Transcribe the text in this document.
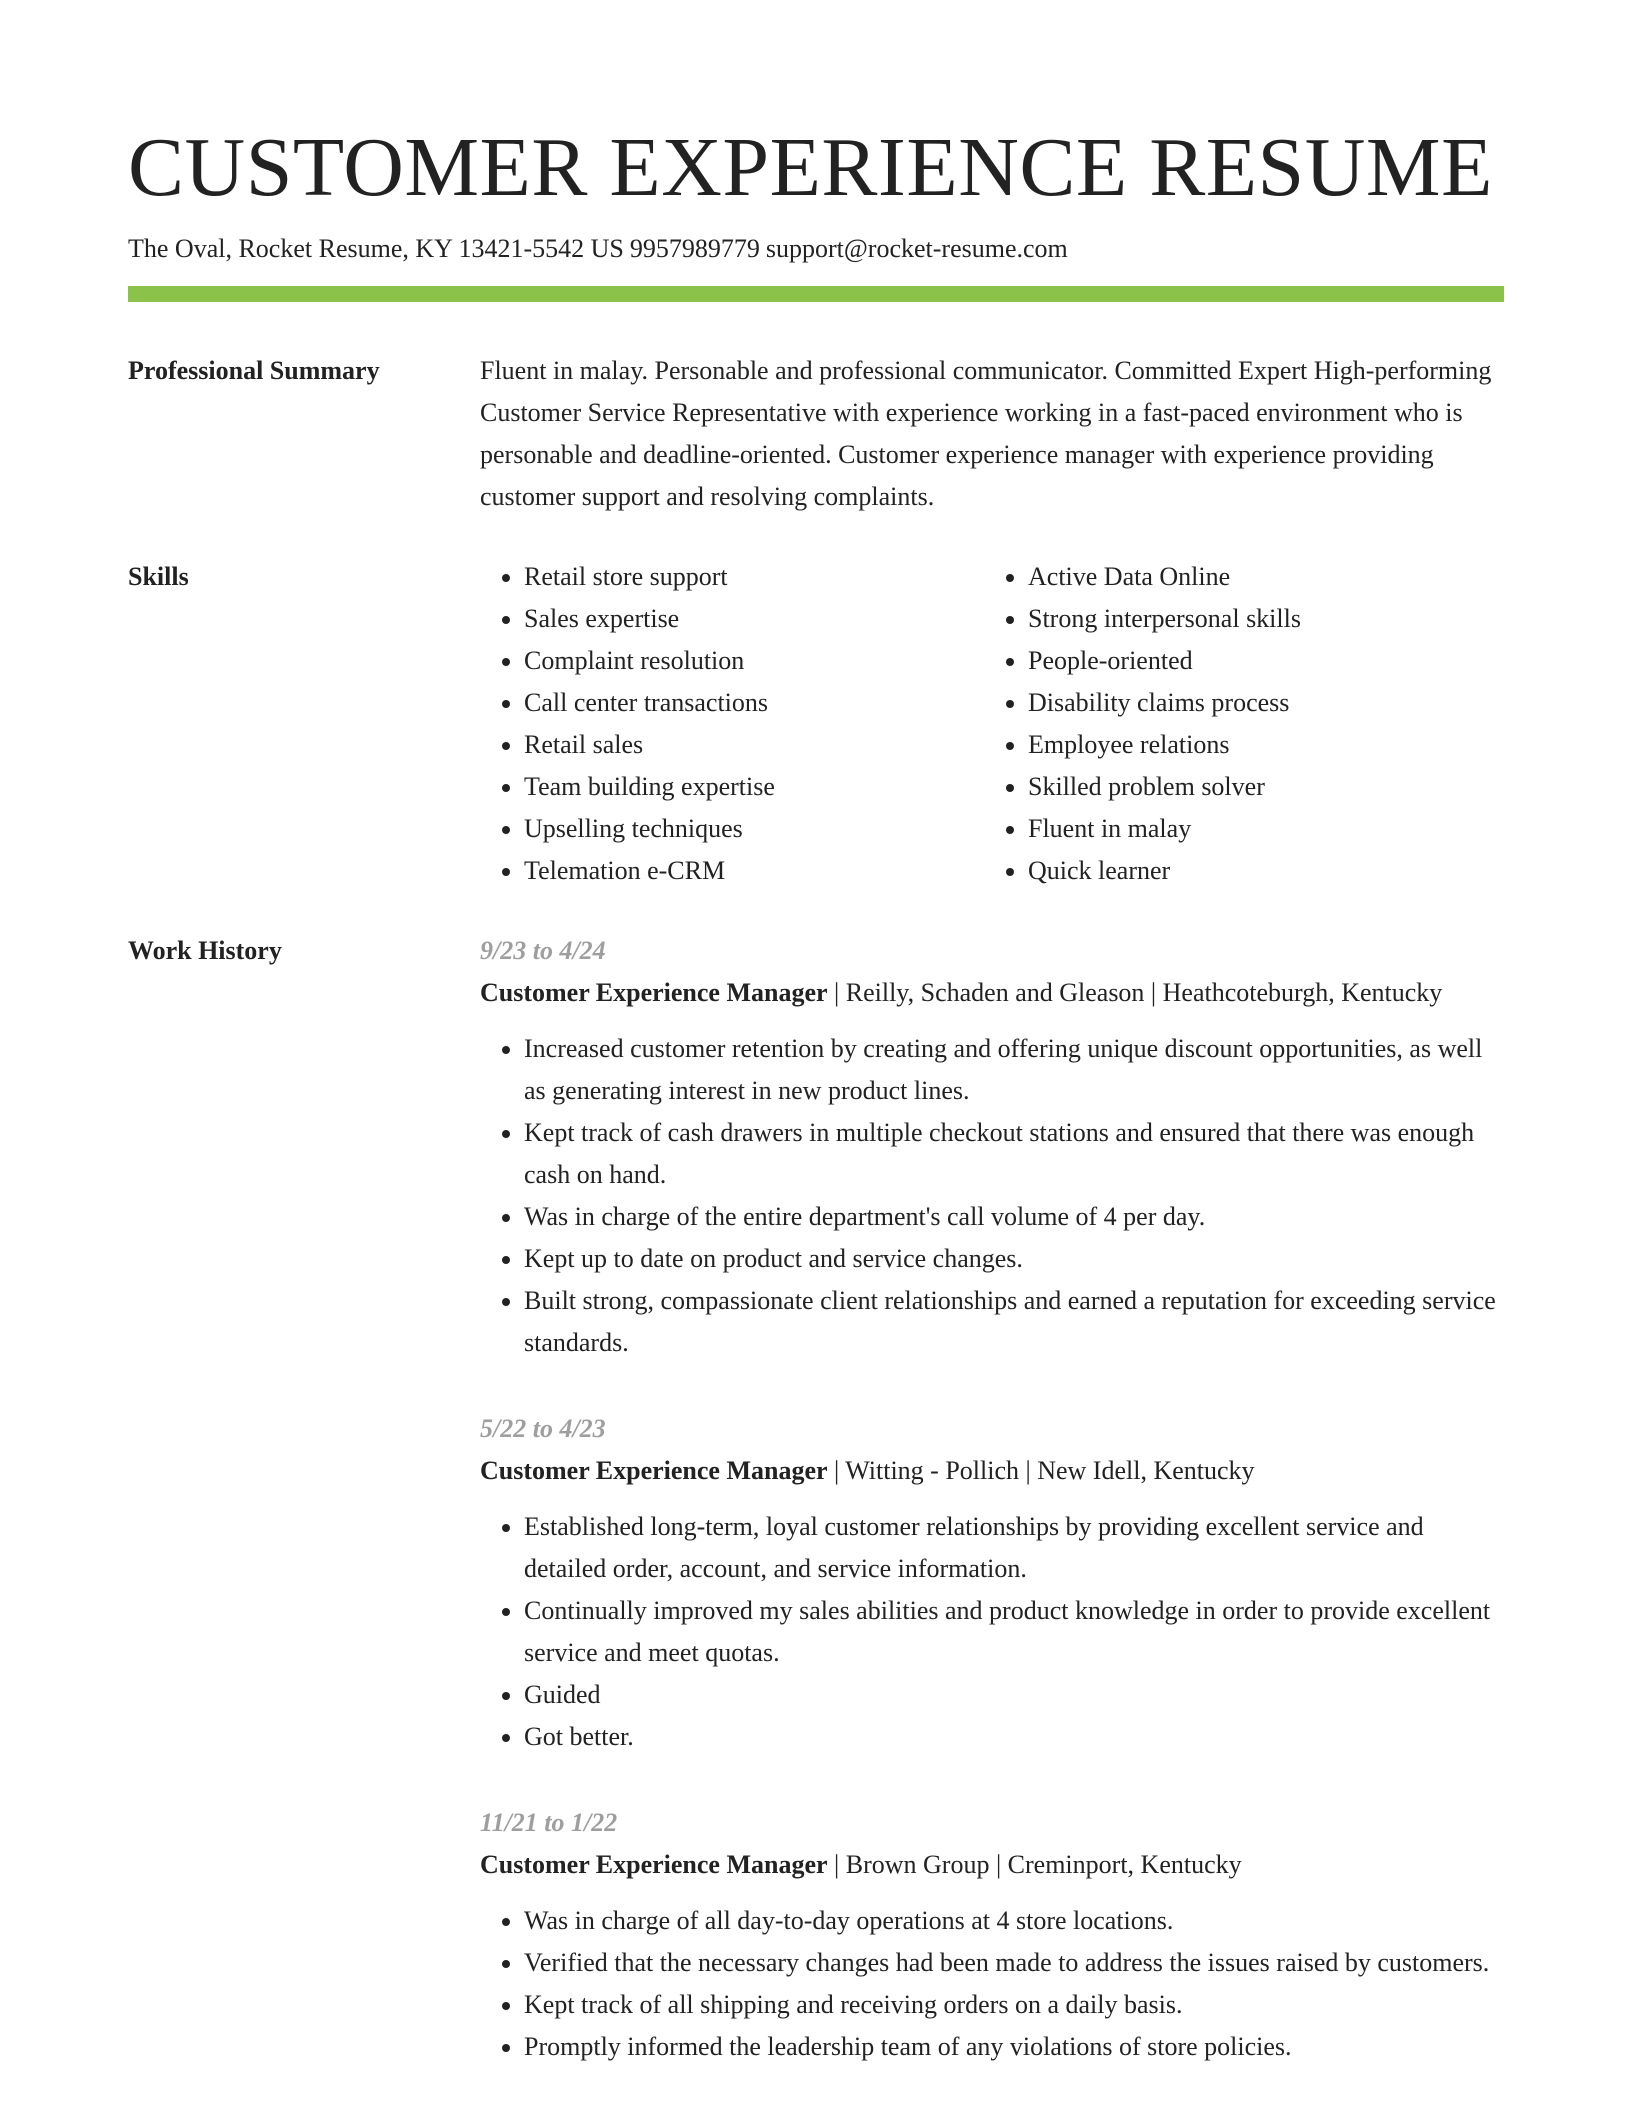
CUSTOMER EXPERIENCE RESUME
The Oval, Rocket Resume, KY 13421-5542 US 9957989779 support@rocket-resume.com
Professional Summary	Fluent in malay. Personable and professional communicator. Committed Expert High-performing Customer Service Representative with experience working in a fast-paced environment who is personable and deadline-oriented. Customer experience manager with experience providing customer support and resolving complaints.

Skills
•	Retail store support
• Sales expertise
• Complaint resolution
• Call center transactions
• Retail sales
• Team building expertise
• Upselling techniques
• Telemation e-CRM
• Active Data Online
• Strong interpersonal skills
• People-oriented
• Disability claims process
• Employee relations
• Skilled problem solver
• Fluent in malay
• Quick learner
Work History	9/23 to 4/24
Customer Experience Manager | Reilly, Schaden and Gleason | Heathcoteburgh, Kentucky
• Increased customer retention by creating and offering unique discount opportunities, as well as generating interest in new product lines.
• Kept track of cash drawers in multiple checkout stations and ensured that there was enough cash on hand.
• Was in charge of the entire department's call volume of 4 per day.
• Kept up to date on product and service changes.
• Built strong, compassionate client relationships and earned a reputation for exceeding service standards.
5/22 to 4/23
Customer Experience Manager | Witting - Pollich | New Idell, Kentucky
• Established long-term, loyal customer relationships by providing excellent service and detailed order, account, and service information.
• Continually improved my sales abilities and product knowledge in order to provide excellent service and meet quotas.
• Guided
• Got better.
11/21 to 1/22
Customer Experience Manager | Brown Group | Creminport, Kentucky
• Was in charge of all day-to-day operations at 4 store locations.
• Verified that the necessary changes had been made to address the issues raised by customers.
• Kept track of all shipping and receiving orders on a daily basis.
• Promptly informed the leadership team of any violations of store policies.
